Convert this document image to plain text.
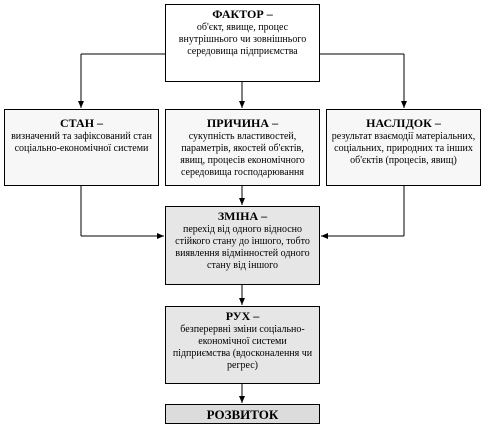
ФАКТОР –
об'єкт, явище, процес внутрішнього чи зовнішнього середовища підприємства
СТАН –
визначений та зафіксований стан соціально-економічної системи
ПРИЧИНА –
сукупність властивостей, параметрів, якостей об'єктів, явищ, процесів економічного середовища господарювання
НАСЛІДОК –
результат взаємодії матеріальних, соціальних, природних та інших об'єктів (процесів, явищ)
ЗМІНА –
перехід від одного відносно стійкого стану до іншого, тобто виявлення відмінностей одного стану від іншого
РУХ –
безперервні зміни соціально-економічної системи підприємства (вдосконалення чи регрес)
РОЗВИТОК
